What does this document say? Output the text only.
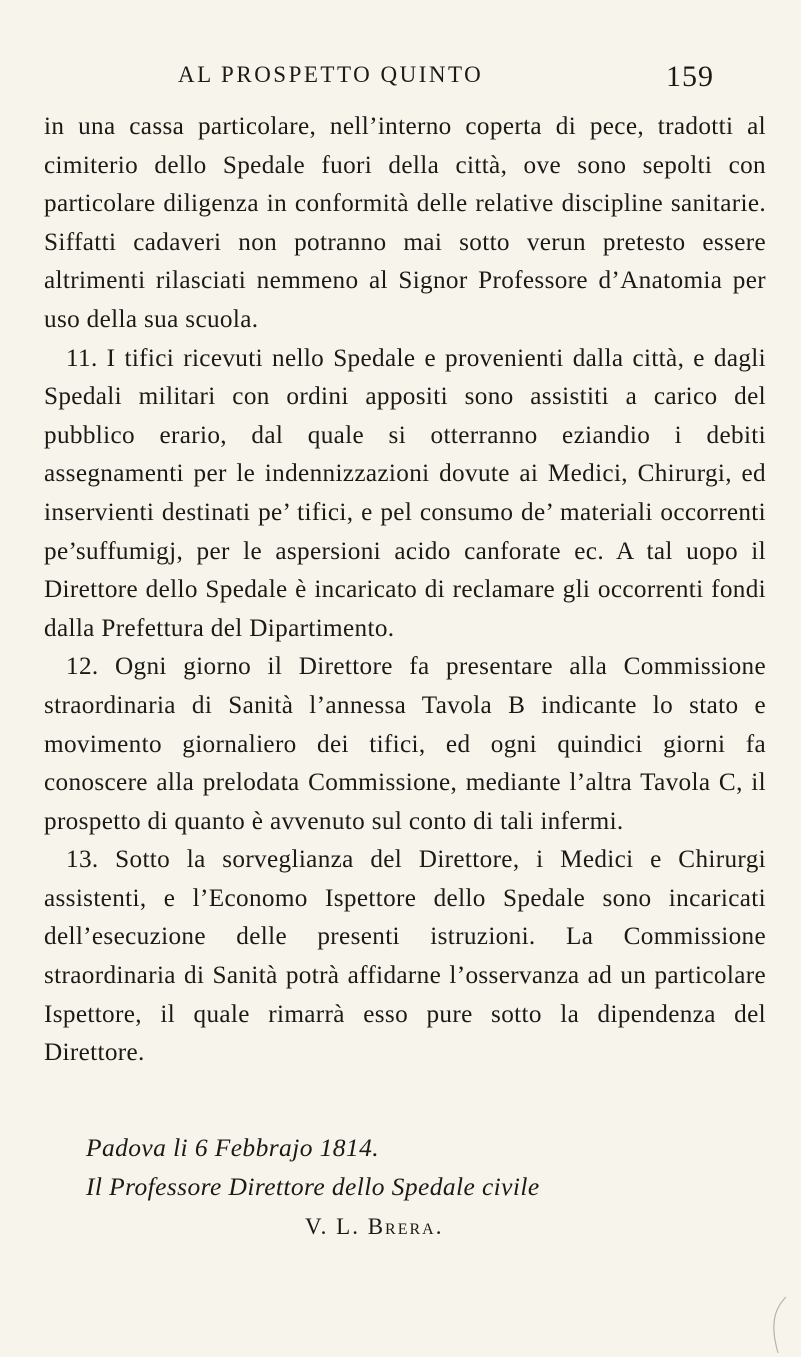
AL PROSPETTO QUINTO	159

in una cassa particolare, nell’interno coperta di pece, tradotti al cimiterio dello Spedale fuori della città, ove sono sepolti con particolare diligenza in conformità delle relative discipline sanitarie. Siffatti cadaveri non potranno mai sotto verun pretesto essere altrimenti rilasciati nemmeno al Signor Professore d’Anatomia per uso della sua scuola.

11. I tifici ricevuti nello Spedale e provenienti dalla città, e dagli Spedali militari con ordini appositi sono assistiti a carico del pubblico erario, dal quale si otterranno eziandio i debiti assegnamenti per le indennizzazioni dovute ai Medici, Chirurgi, ed inservienti destinati pe’ tifici, e pel consumo de’ materiali occorrenti pe’suffumigj, per le aspersioni acido canforate ec. A tal uopo il Direttore dello Spedale è incaricato di reclamare gli occorrenti fondi dalla Prefettura del Dipartimento.

12. Ogni giorno il Direttore fa presentare alla Commissione straordinaria di Sanità l’annessa Tavola B indicante lo stato e movimento giornaliero dei tifici, ed ogni quindici giorni fa conoscere alla prelodata Commissione, mediante l’altra Tavola C, il prospetto di quanto è avvenuto sul conto di tali infermi.

13. Sotto la sorveglianza del Direttore, i Medici e Chirurgi assistenti, e l’Economo Ispettore dello Spedale sono incaricati dell’esecuzione delle presenti istruzioni. La Commissione straordinaria di Sanità potrà affidarne l’osservanza ad un particolare Ispettore, il quale rimarrà esso pure sotto la dipendenza del Direttore.

Padova li 6 Febbrajo 1814.
Il Professore Direttore dello Spedale civile
V. L. Brera.
